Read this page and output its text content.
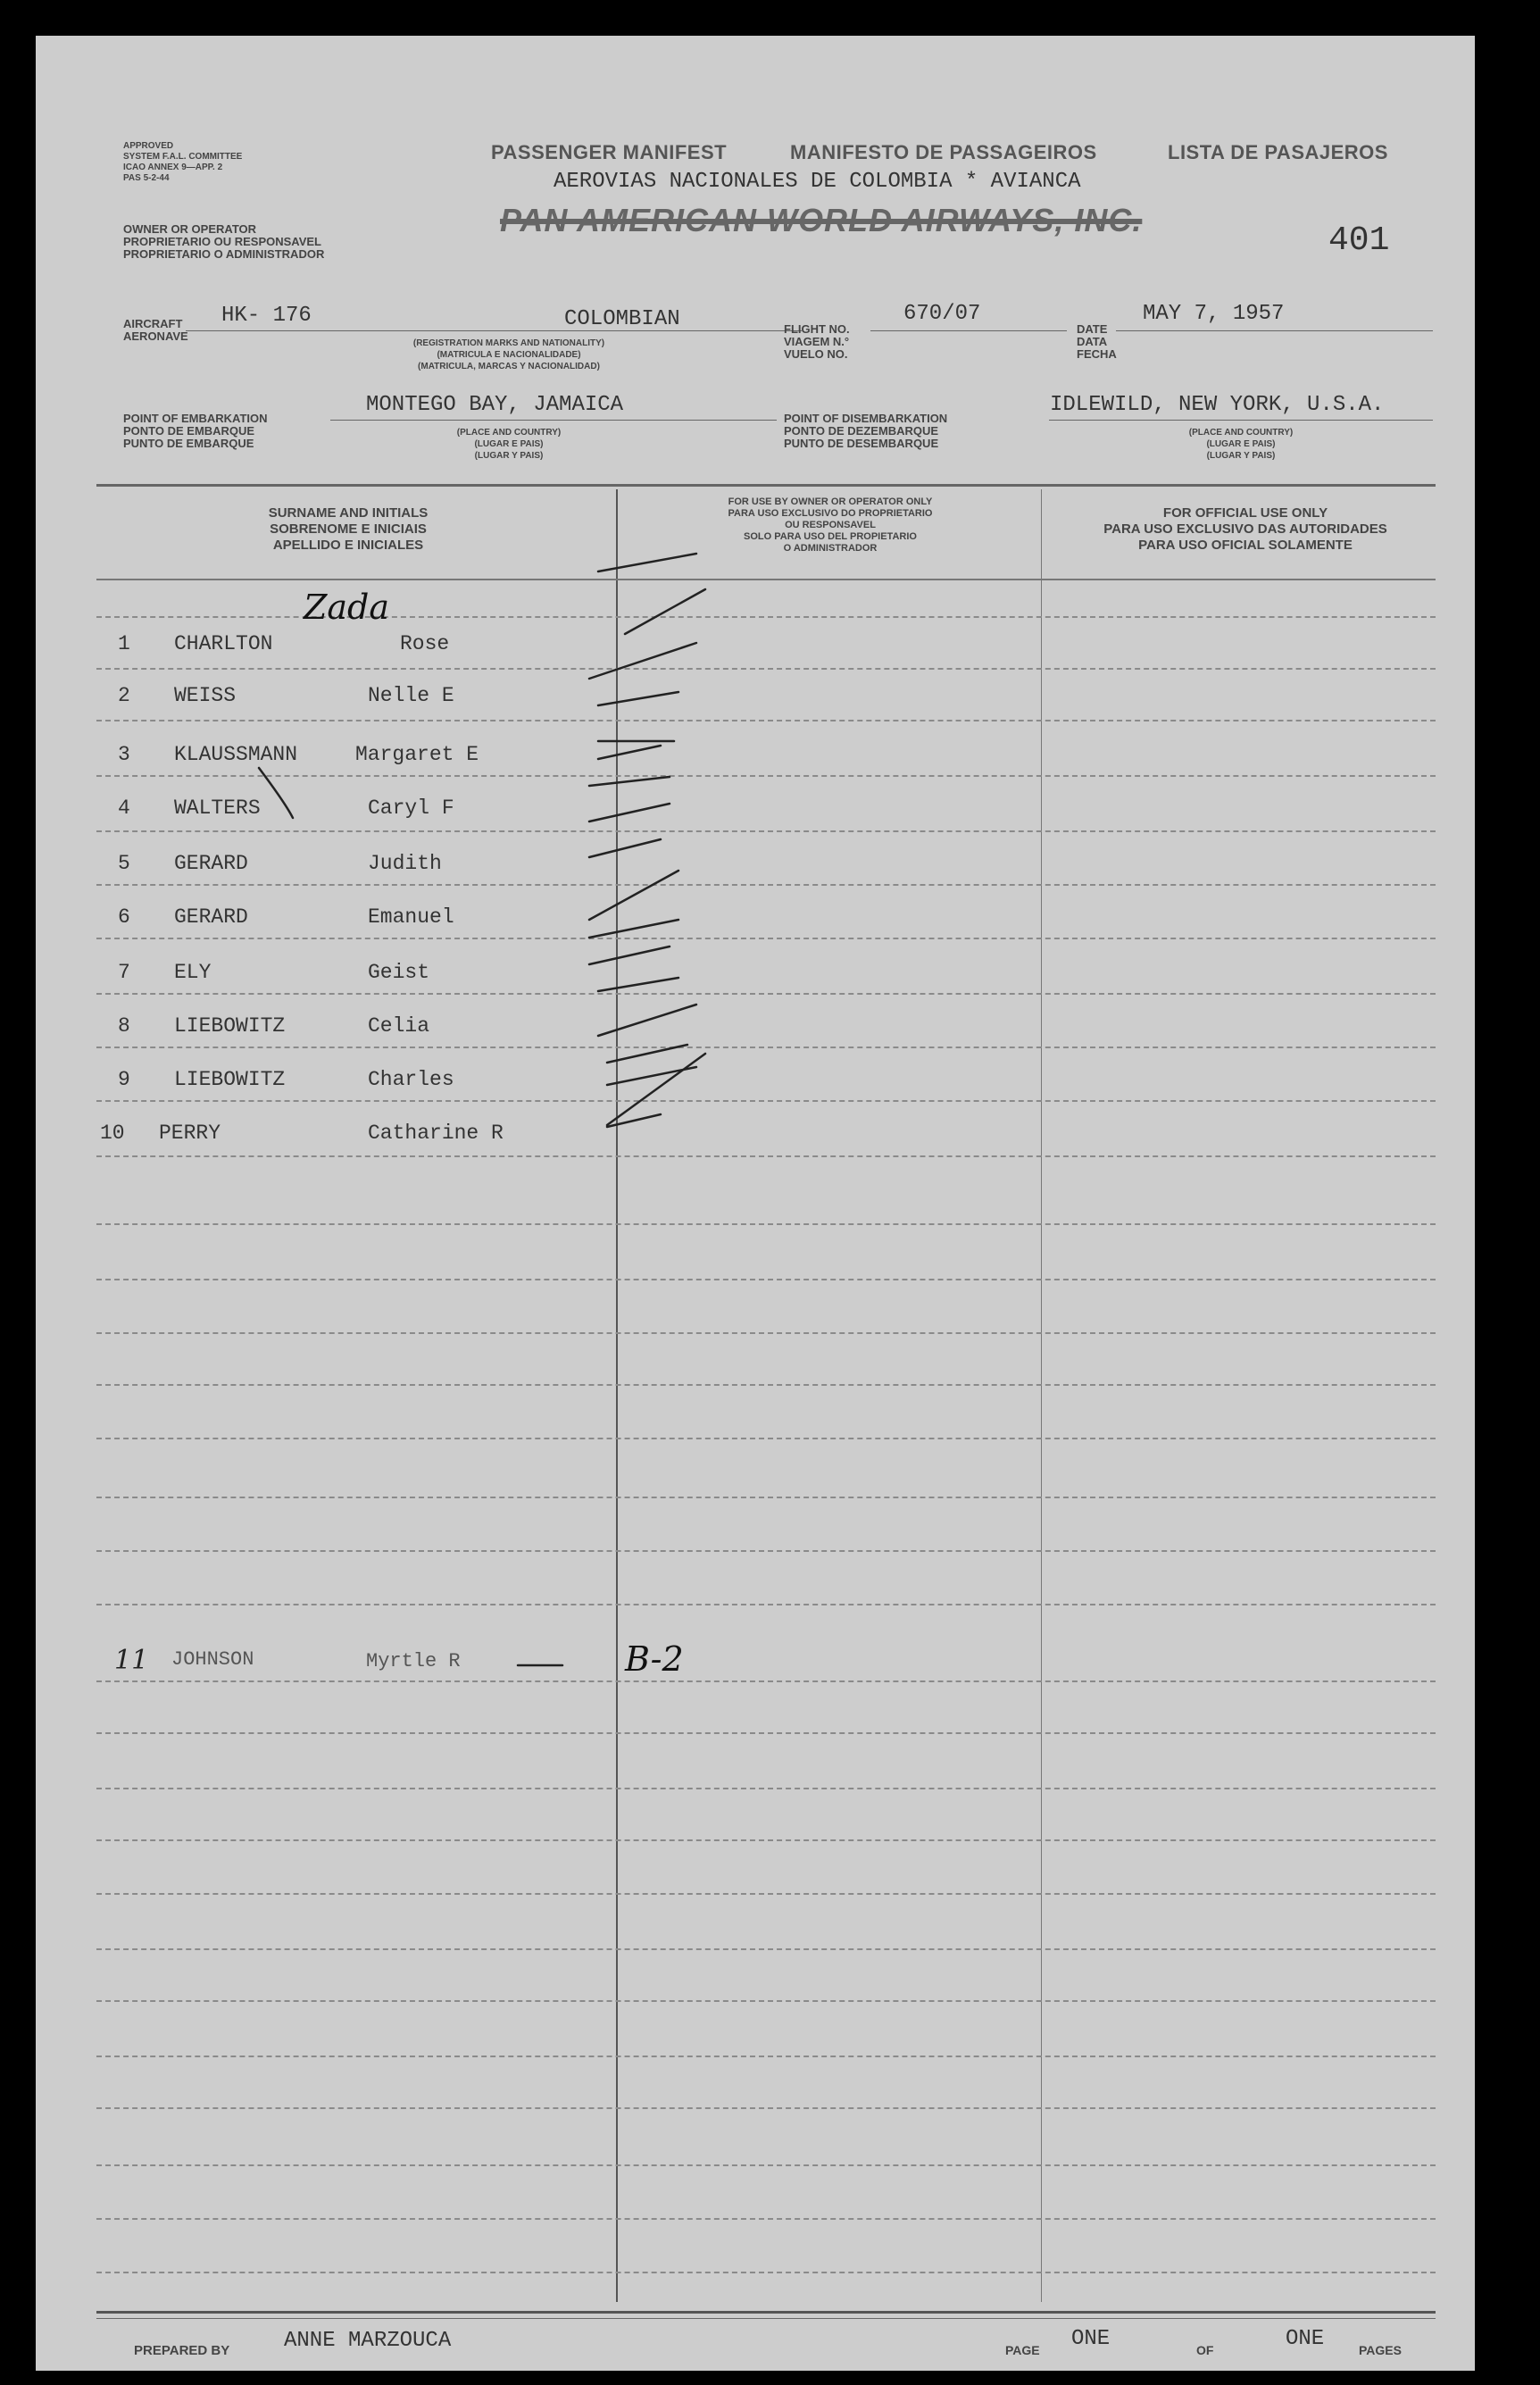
APPROVED
SYSTEM F.A.L. COMMITTEE
ICAO ANNEX 9—APP. 2
PAS 5-2-44
OWNER OR OPERATOR
PROPRIETARIO OU RESPONSAVEL
PROPRIETARIO O ADMINISTRADOR
PASSENGER MANIFEST	MANIFESTO DE PASSAGEIROS	LISTA DE PASAJEROS
AEROVIAS NACIONALES DE COLOMBIA * AVIANCA
PAN AMERICAN WORLD AIRWAYS, INC.
401
AIRCRAFT
AERONAVE
HK- 176	COLOMBIAN
(REGISTRATION MARKS AND NATIONALITY)
(MATRICULA E NACIONALIDADE)
(MATRICULA, MARCAS Y NACIONALIDAD)
FLIGHT NO.
VIAGEM N.°
VUELO NO.
670/07
DATE
DATA
FECHA
MAY 7, 1957
POINT OF EMBARKATION
PONTO DE EMBARQUE
PUNTO DE EMBARQUE
MONTEGO BAY, JAMAICA
(PLACE AND COUNTRY)
(LUGAR E PAIS)
(LUGAR Y PAIS)
POINT OF DISEMBARKATION
PONTO DE DEZEMBARQUE
PUNTO DE DESEMBARQUE
IDLEWILD, NEW YORK, U.S.A.
(PLACE AND COUNTRY)
(LUGAR E PAIS)
(LUGAR Y PAIS)
SURNAME AND INITIALS
SOBRENOME E INICIAIS
APELLIDO E INICIALES
FOR USE BY OWNER OR OPERATOR ONLY
PARA USO EXCLUSIVO DO PROPRIETARIO
OU RESPONSAVEL
SOLO PARA USO DEL PROPIETARIO
O ADMINISTRADOR
FOR OFFICIAL USE ONLY
PARA USO EXCLUSIVO DAS AUTORIDADES
PARA USO OFICIAL SOLAMENTE
1 CHARLTON	Rose
2 WEISS	Nelle E
3 KLAUSSMANN	Margaret E
4 WALTERS	Caryl F
5 GERARD	Judith
6 GERARD	Emanuel
7 ELY	Geist
8 LIEBOWITZ	Celia
9 LIEBOWITZ	Charles
10 PERRY	Catharine R
Zada
11 JOHNSON	Myrtle R	B-2
PREPARED BY	ANNE MARZOUCA	PAGE ONE	OF	ONE	PAGES
